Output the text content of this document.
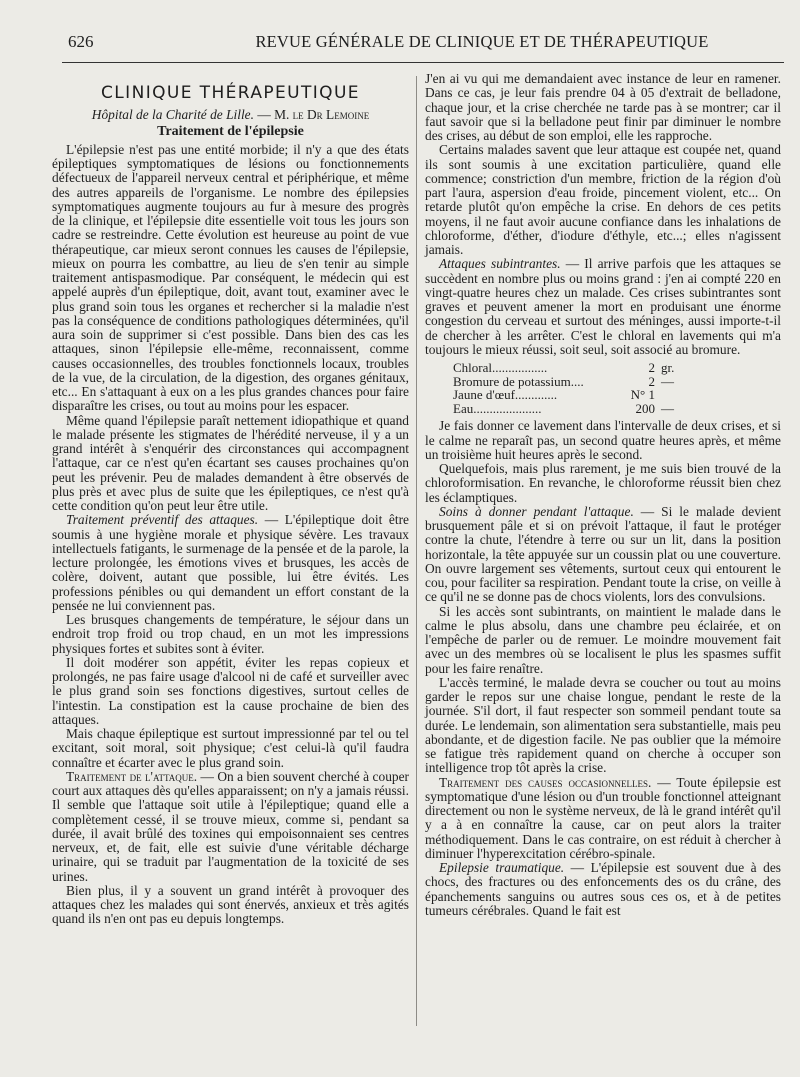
626	REVUE GÉNÉRALE DE CLINIQUE ET DE THÉRAPEUTIQUE
CLINIQUE THÉRAPEUTIQUE
Hôpital de la Charité de Lille. — M. le Dr Lemoine
Traitement de l'épilepsie

L'épilepsie n'est pas une entité morbide; il n'y a que des états épileptiques symptomatiques de lésions ou fonctionnements défectueux de l'appareil nerveux central et périphérique, et même des autres appareils de l'organisme. Le nombre des épilepsies symptomatiques augmente toujours au fur à mesure des progrès de la clinique, et l'épilepsie dite essentielle voit tous les jours son cadre se restreindre. Cette évolution est heureuse au point de vue thérapeutique, car mieux seront connues les causes de l'épilepsie, mieux on pourra les combattre, au lieu de s'en tenir au simple traitement antispasmodique. Par conséquent, le médecin qui est appelé auprès d'un épileptique, doit, avant tout, examiner avec le plus grand soin tous les organes et rechercher si la maladie n'est pas la conséquence de conditions pathologiques déterminées, qu'il aura soin de supprimer si c'est possible. Dans bien des cas les attaques, sinon l'épilepsie elle-même, reconnaissent, comme causes occasionnelles, des troubles fonctionnels locaux, troubles de la vue, de la circulation, de la digestion, des organes génitaux, etc... En s'attaquant à eux on a les plus grandes chances pour faire disparaître les crises, ou tout au moins pour les espacer.

Même quand l'épilepsie paraît nettement idiopathique et quand le malade présente les stigmates de l'hérédité nerveuse, il y a un grand intérêt à s'enquérir des circonstances qui accompagnent l'attaque, car ce n'est qu'en écartant ses causes prochaines qu'on peut les prévenir. Peu de malades demandent à être observés de plus près et avec plus de suite que les épileptiques, ce n'est qu'à cette condition qu'on peut leur être utile.

Traitement préventif des attaques. — L'épileptique doit être soumis à une hygiène morale et physique sévère. Les travaux intellectuels fatigants, le surmenage de la pensée et de la parole, la lecture prolongée, les émotions vives et brusques, les accès de colère, doivent, autant que possible, lui être évités. Les professions pénibles ou qui demandent un effort constant de la pensée ne lui conviennent pas.

Les brusques changements de température, le séjour dans un endroit trop froid ou trop chaud, en un mot les impressions physiques fortes et subites sont à éviter.

Il doit modérer son appétit, éviter les repas copieux et prolongés, ne pas faire usage d'alcool ni de café et surveiller avec le plus grand soin ses fonctions digestives, surtout celles de l'intestin. La constipation est la cause prochaine de bien des attaques.

Mais chaque épileptique est surtout impressionné par tel ou tel excitant, soit moral, soit physique; c'est celui-là qu'il faudra connaître et écarter avec le plus grand soin.

Traitement de l'attaque. — On a bien souvent cherché à couper court aux attaques dès qu'elles apparaissent; on n'y a jamais réussi. Il semble que l'attaque soit utile à l'épileptique; quand elle a complètement cessé, il se trouve mieux, comme si, pendant sa durée, il avait brûlé des toxines qui empoisonnaient ses centres nerveux, et, de fait, elle est suivie d'une véritable décharge urinaire, qui se traduit par l'augmentation de la toxicité de ses urines.

Bien plus, il y a souvent un grand intérêt à provoquer des attaques chez les malades qui sont énervés, anxieux et très agités quand ils n'en ont pas eu depuis longtemps.

J'en ai vu qui me demandaient avec instance de leur en ramener. Dans ce cas, je leur fais prendre 04 à 05 d'extrait de belladone, chaque jour, et la crise cherchée ne tarde pas à se montrer; car il faut savoir que si la belladone peut finir par diminuer le nombre des crises, au début de son emploi, elle les rapproche.

Certains malades savent que leur attaque est coupée net, quand ils sont soumis à une excitation particulière, quand elle commence; constriction d'un membre, friction de la région d'où part l'aura, aspersion d'eau froide, pincement violent, etc... On retarde plutôt qu'on empêche la crise. En dehors de ces petits moyens, il ne faut avoir aucune confiance dans les inhalations de chloroforme, d'éther, d'iodure d'éthyle, etc...; elles n'agissent jamais.

Attaques subintrantes. — Il arrive parfois que les attaques se succèdent en nombre plus ou moins grand : j'en ai compté 220 en vingt-quatre heures chez un malade. Ces crises subintrantes sont graves et peuvent amener la mort en produisant une énorme congestion du cerveau et surtout des méninges, aussi importe-t-il de chercher à les arrêter. C'est le chloral en lavements qui m'a toujours le mieux réussi, soit seul, soit associé au bromure.

Chloral.................	2	gr.
Bromure de potassium....	2	—
Jaune d'œuf.............	N° 1	
Eau.....................	200	—

Je fais donner ce lavement dans l'intervalle de deux crises, et si le calme ne reparaît pas, un second quatre heures après, et même un troisième huit heures après le second.

Quelquefois, mais plus rarement, je me suis bien trouvé de la chloroformisation. En revanche, le chloroforme réussit bien chez les éclamptiques.

Soins à donner pendant l'attaque. — Si le malade devient brusquement pâle et si on prévoit l'attaque, il faut le protéger contre la chute, l'étendre à terre ou sur un lit, dans la position horizontale, la tête appuyée sur un coussin plat ou une couverture. On ouvre largement ses vêtements, surtout ceux qui entourent le cou, pour faciliter sa respiration. Pendant toute la crise, on veille à ce qu'il ne se donne pas de chocs violents, lors des convulsions.

Si les accès sont subintrants, on maintient le malade dans le calme le plus absolu, dans une chambre peu éclairée, et on l'empêche de parler ou de remuer. Le moindre mouvement fait avec un des membres où se localisent le plus les spasmes suffit pour les faire renaître.

L'accès terminé, le malade devra se coucher ou tout au moins garder le repos sur une chaise longue, pendant le reste de la journée. S'il dort, il faut respecter son sommeil pendant toute sa durée. Le lendemain, son alimentation sera substantielle, mais peu abondante, et de digestion facile. Ne pas oublier que la mémoire se fatigue très rapidement quand on cherche à occuper son intelligence trop tôt après la crise.

Traitement des causes occasionnelles. — Toute épilepsie est symptomatique d'une lésion ou d'un trouble fonctionnel atteignant directement ou non le système nerveux, de là le grand intérêt qu'il y a à en connaître la cause, car on peut alors la traiter méthodiquement. Dans le cas contraire, on est réduit à chercher à diminuer l'hyperexcitation cérébro-spinale.

Epilepsie traumatique. — L'épilepsie est souvent due à des chocs, des fractures ou des enfoncements des os du crâne, des épanchements sanguins ou autres sous ces os, et à de petites tumeurs cérébrales. Quand le fait est
